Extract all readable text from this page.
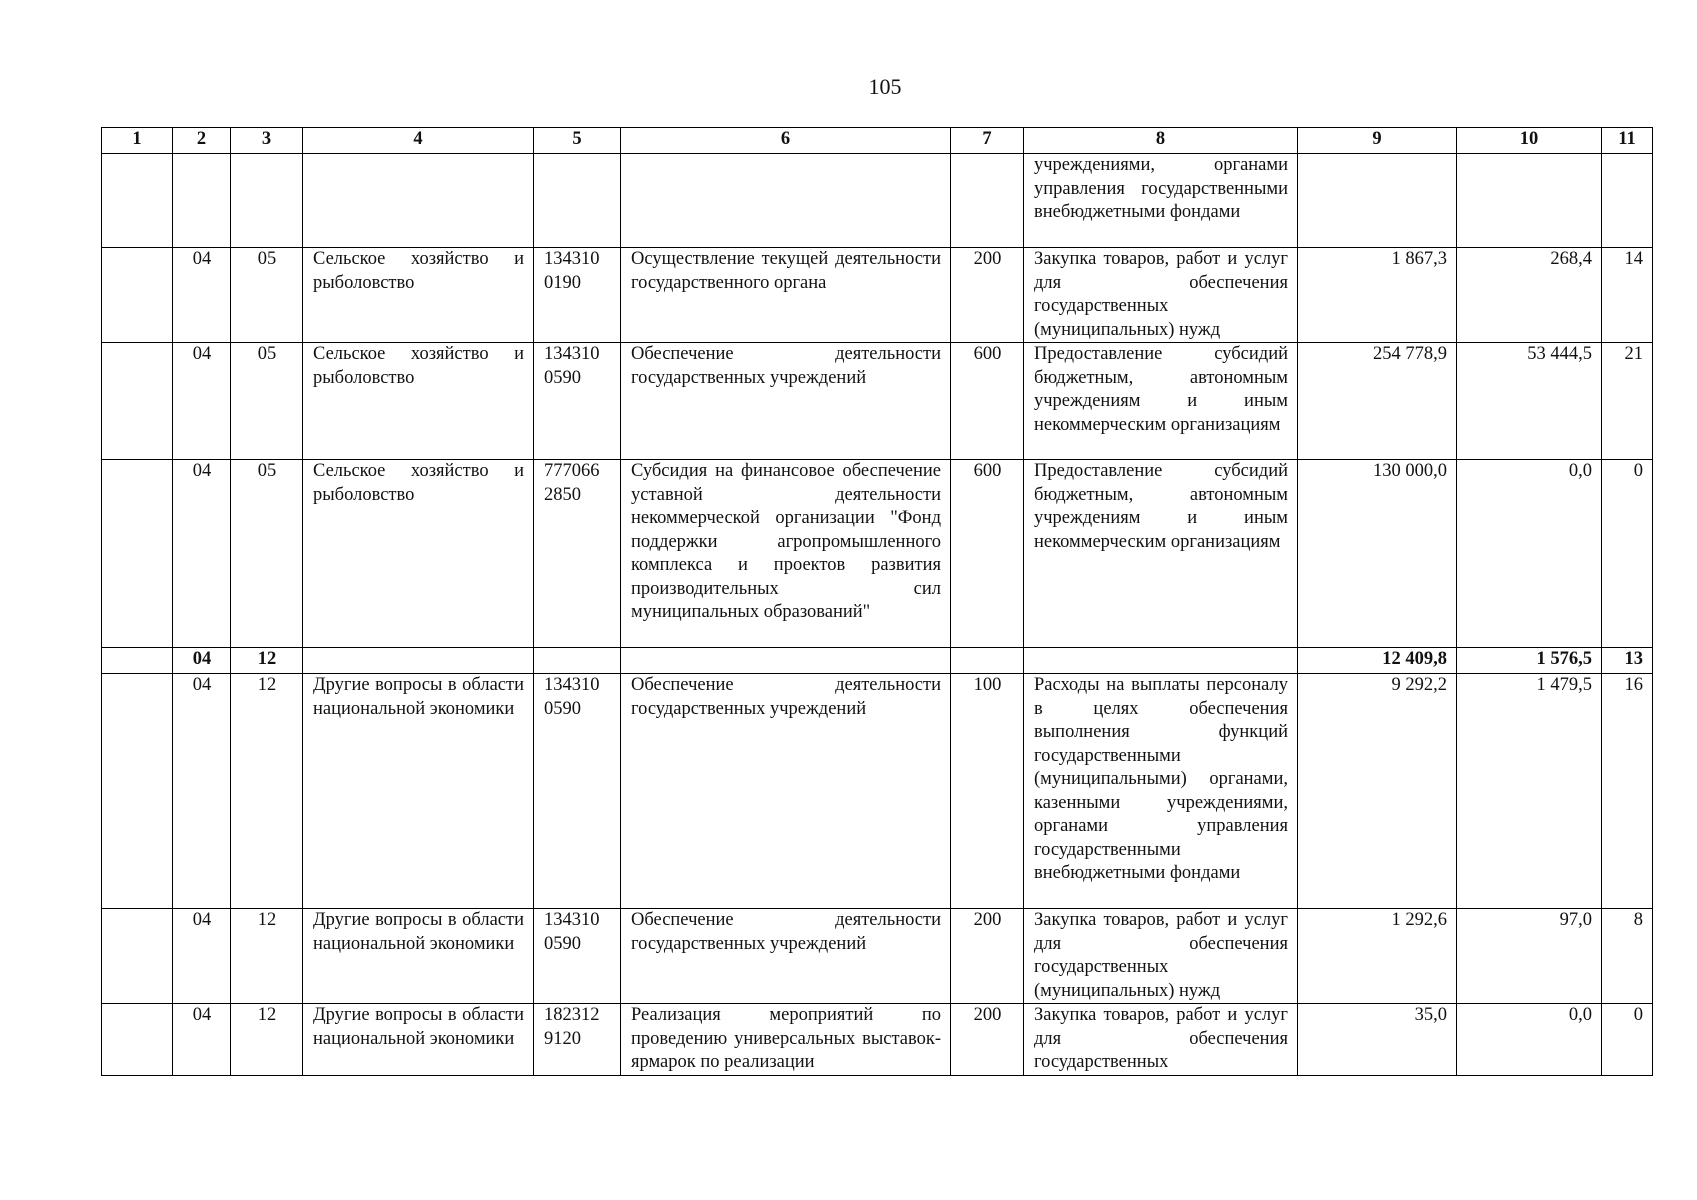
105
1	2	3	4	5	6	7	8	9	10	11
							учреждениями, органами управления государственными внебюджетными фондами			
	04	05	Сельское хозяйство и рыболовство	134310 0190	Осуществление текущей деятельности государственного органа	200	Закупка товаров, работ и услуг для обеспечения государственных (муниципальных) нужд	1 867,3	268,4	14
	04	05	Сельское хозяйство и рыболовство	134310 0590	Обеспечение деятельности государственных учреждений	600	Предоставление субсидий бюджетным, автономным учреждениям и иным некоммерческим организациям	254 778,9	53 444,5	21
	04	05	Сельское хозяйство и рыболовство	777066 2850	Субсидия на финансовое обеспечение уставной деятельности некоммерческой организации "Фонд поддержки агропромышленного комплекса и проектов развития производительных сил муниципальных образований"	600	Предоставление субсидий бюджетным, автономным учреждениям и иным некоммерческим организациям	130 000,0	0,0	0
	04	12						12 409,8	1 576,5	13
	04	12	Другие вопросы в области национальной экономики	134310 0590	Обеспечение деятельности государственных учреждений	100	Расходы на выплаты персоналу в целях обеспечения выполнения функций государственными (муниципальными) органами, казенными учреждениями, органами управления государственными внебюджетными фондами	9 292,2	1 479,5	16
	04	12	Другие вопросы в области национальной экономики	134310 0590	Обеспечение деятельности государственных учреждений	200	Закупка товаров, работ и услуг для обеспечения государственных (муниципальных) нужд	1 292,6	97,0	8
	04	12	Другие вопросы в области национальной экономики	182312 9120	Реализация мероприятий по проведению универсальных выставок-ярмарок по реализации	200	Закупка товаров, работ и услуг для обеспечения государственных	35,0	0,0	0
